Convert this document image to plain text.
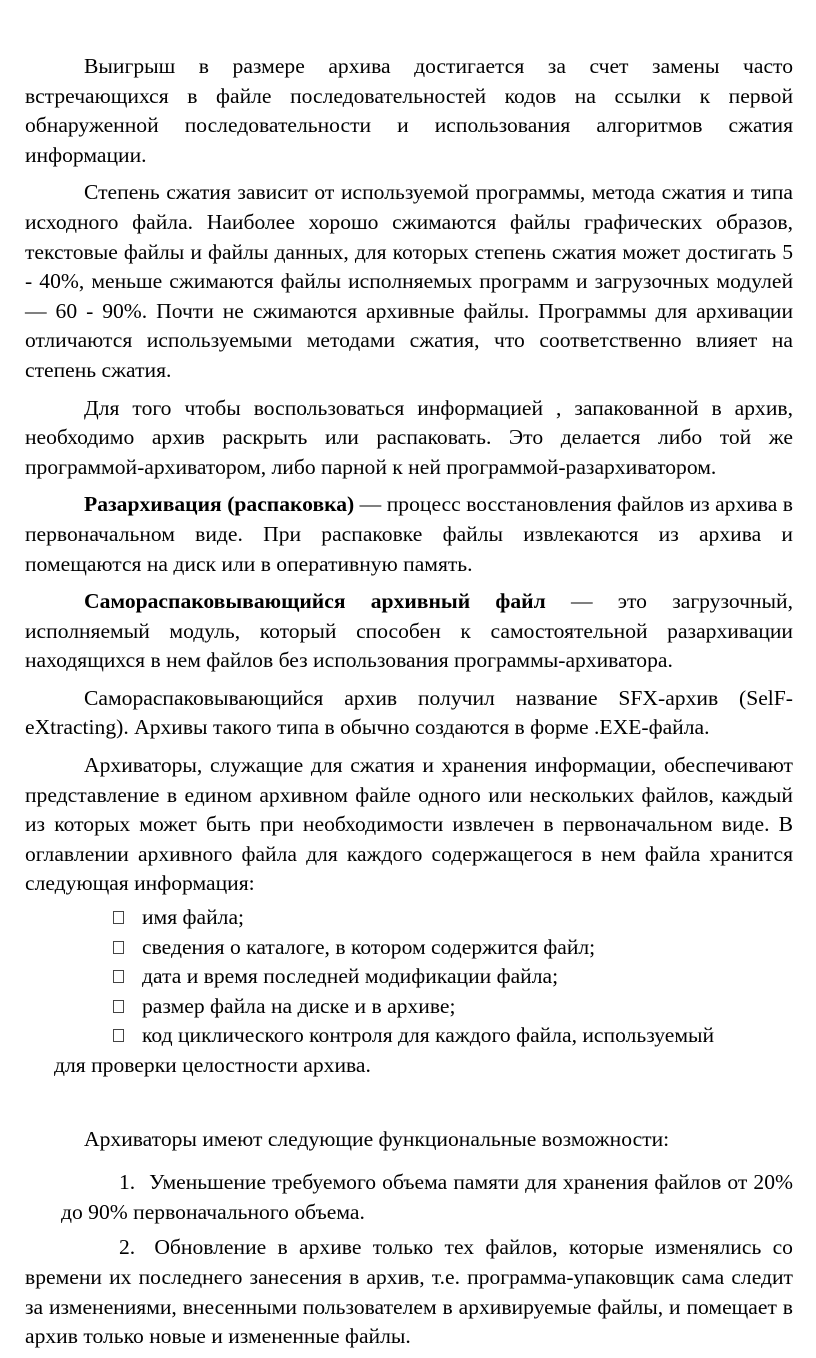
Выигрыш в размере архива достигается за счет замены часто встречающихся в файле последовательностей кодов на ссылки к первой обнаруженной последовательности и использования алгоритмов сжатия информации.

Степень сжатия зависит от используемой программы, метода сжатия и типа исходного файла. Наиболее хорошо сжимаются файлы графических образов, текстовые файлы и файлы данных, для которых степень сжатия может достигать 5 - 40%, меньше сжимаются файлы исполняемых программ и загрузочных модулей — 60 - 90%. Почти не сжимаются архивные файлы. Программы для архивации отличаются используемыми методами сжатия, что соответственно влияет на степень сжатия.

Для того чтобы воспользоваться информацией , запакованной в архив, необходимо архив раскрыть или распаковать. Это делается либо той же программой-архиватором, либо парной к ней программой-разархиватором.

Разархивация (распаковка) — процесс восстановления файлов из архива в первоначальном виде. При распаковке файлы извлекаются из архива и помещаются на диск или в оперативную память.

Самораспаковывающийся архивный файл — это загрузочный, исполняемый модуль, который способен к самостоятельной разархивации находящихся в нем файлов без использования программы-архиватора.

Самораспаковывающийся архив получил название SFX-архив (SelF-eXtracting). Архивы такого типа в обычно создаются в форме .EXE-файла.

Архиваторы, служащие для сжатия и хранения информации, обеспечивают представление в едином архивном файле одного или нескольких файлов, каждый из которых может быть при необходимости извлечен в первоначальном виде. В оглавлении архивного файла для каждого содержащегося в нем файла хранится следующая информация:

имя файла;
сведения о каталоге, в котором содержится файл;
дата и время последней модификации файла;
размер файла на диске и в архиве;
код циклического контроля для каждого файла, используемый

для проверки целостности архива.

Архиваторы имеют следующие функциональные возможности:

1. Уменьшение требуемого объема памяти для хранения файлов от 20% до 90% первоначального объема.

2. Обновление в архиве только тех файлов, которые изменялись со времени их последнего занесения в архив, т.е. программа-упаковщик сама следит за изменениями, внесенными пользователем в архивируемые файлы, и помещает в архив только новые и измененные файлы.
